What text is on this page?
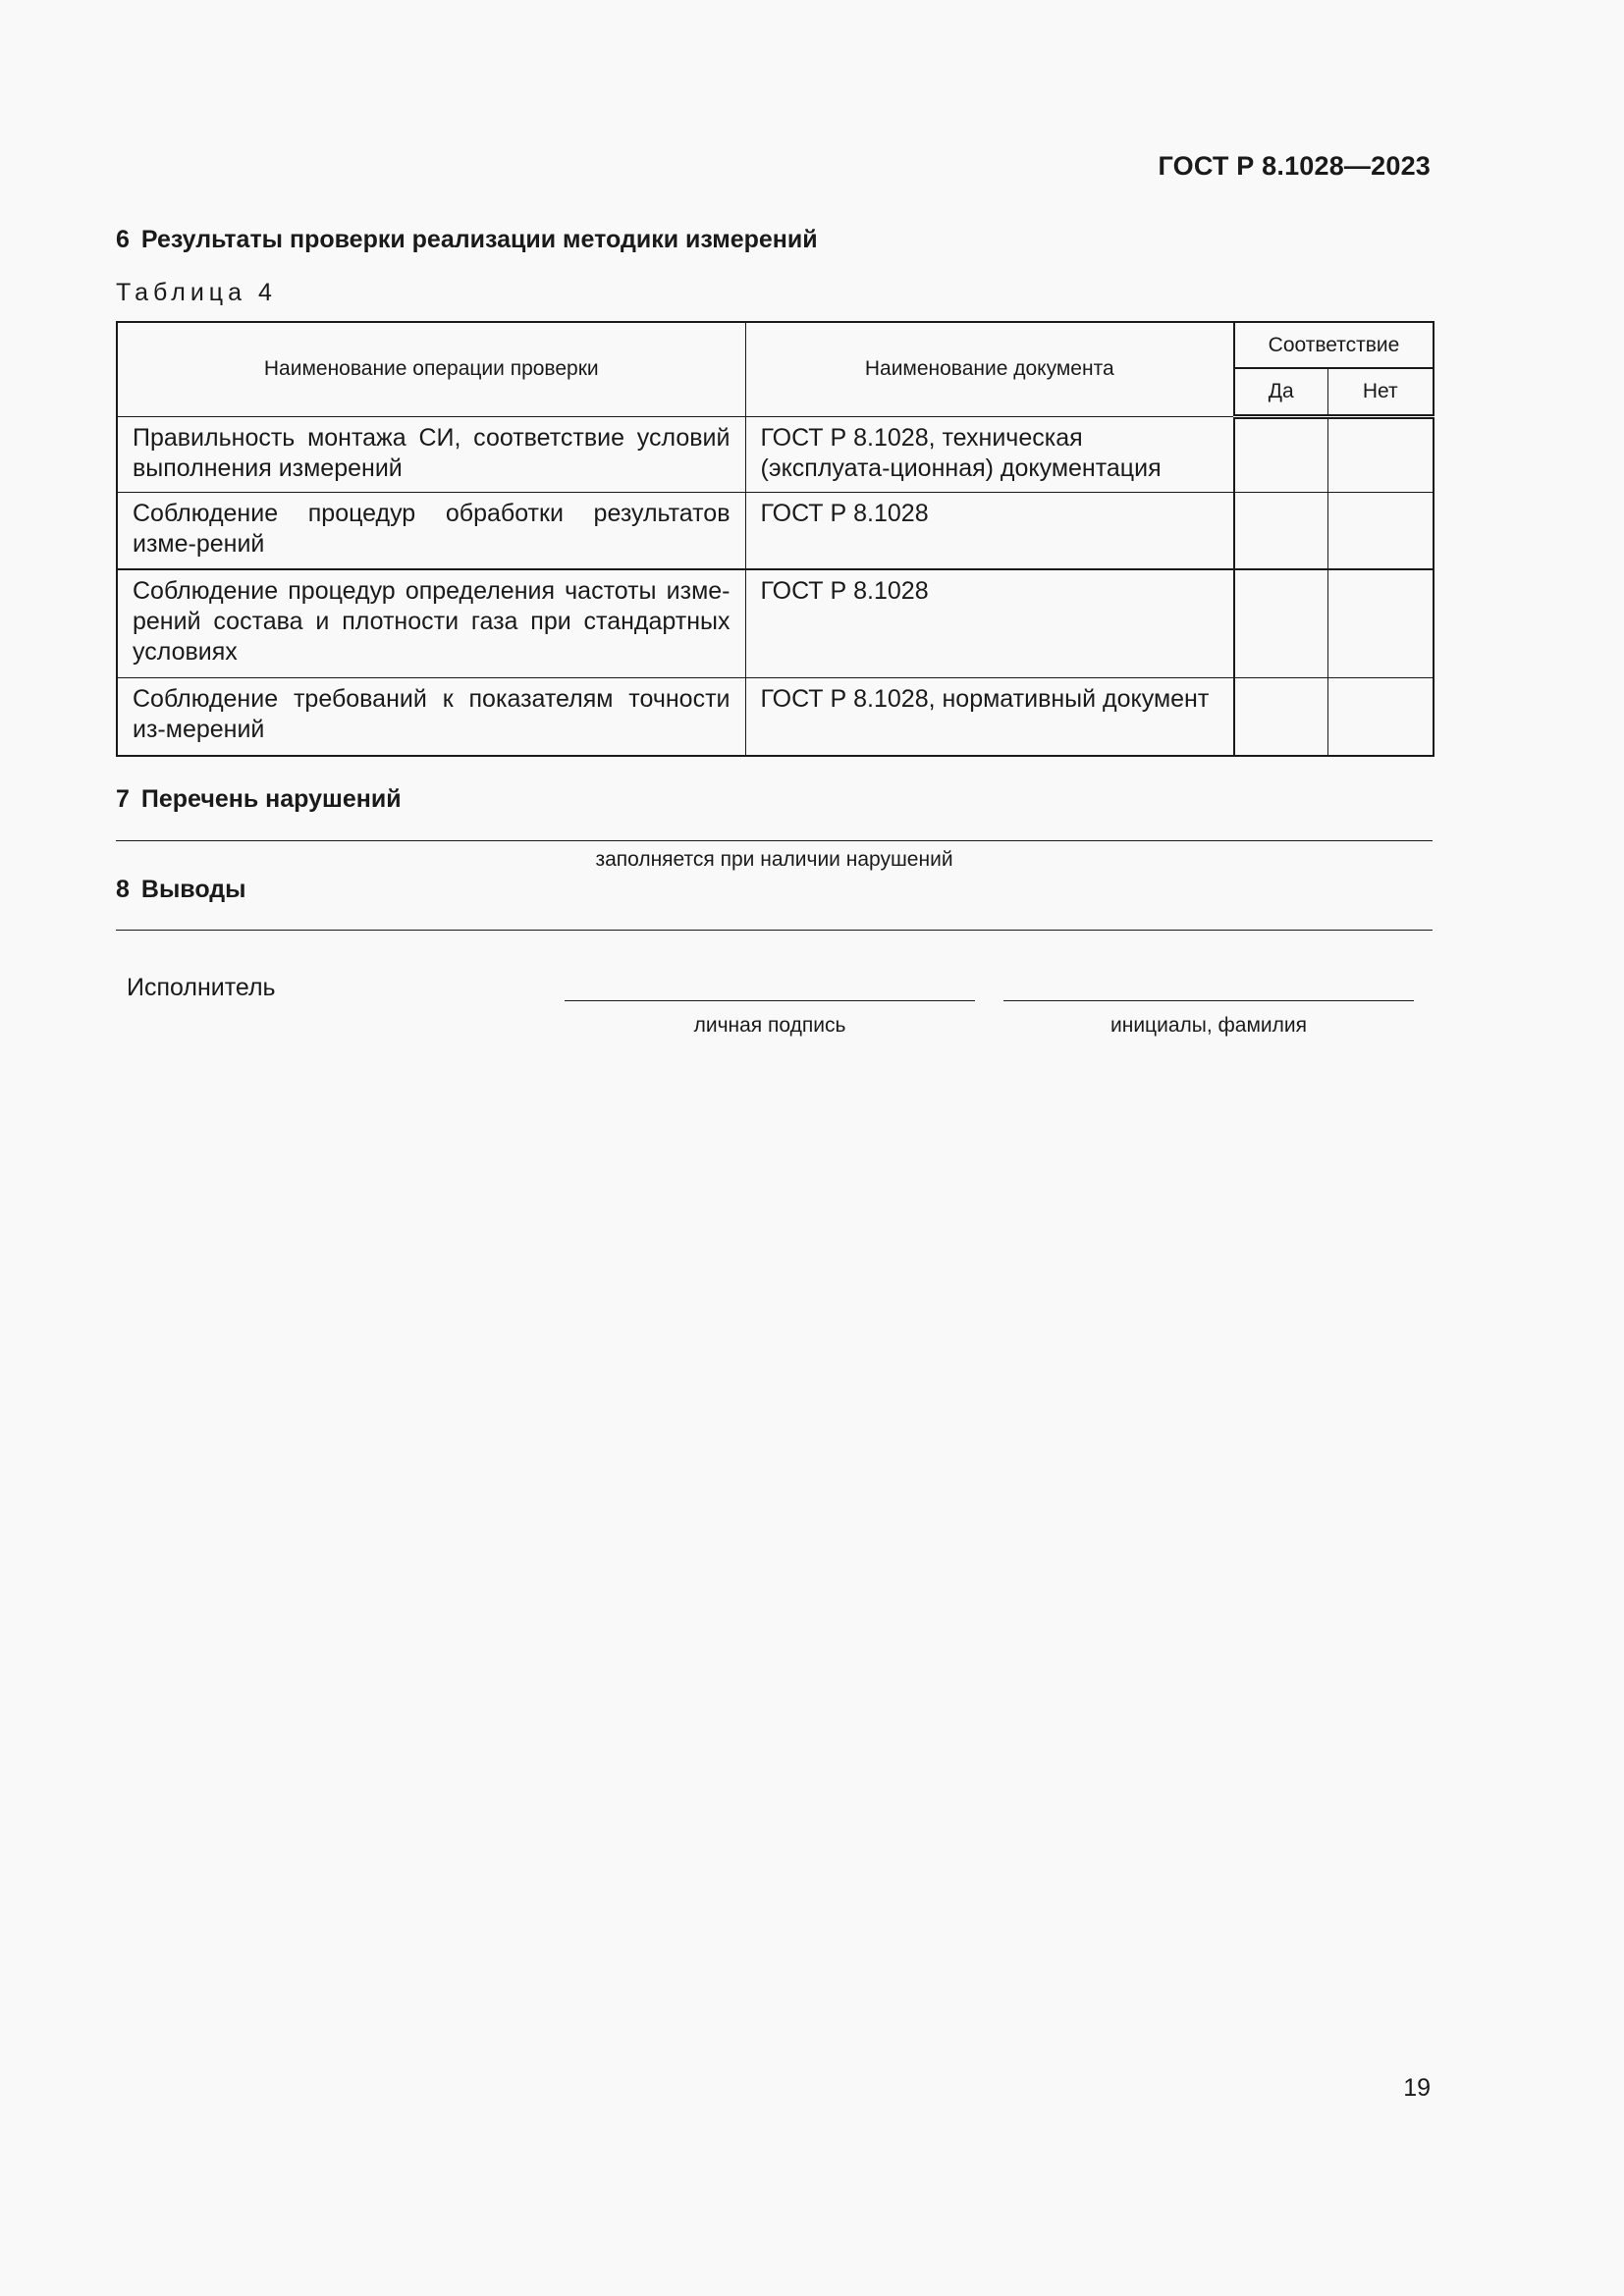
ГОСТ Р 8.1028—2023
6 Результаты проверки реализации методики измерений
Таблица 4
Наименование операции проверки	Наименование документа	Соответствие	
		Да	Нет
Правильность монтажа СИ, соответствие условий выполнения измерений	ГОСТ Р 8.1028, техническая (эксплуата-ционная) документация		
Соблюдение процедур обработки результатов изме-рений	ГОСТ Р 8.1028		
Соблюдение процедур определения частоты изме-рений состава и плотности газа при стандартных условиях	ГОСТ Р 8.1028		
Соблюдение требований к показателям точности из-мерений	ГОСТ Р 8.1028, нормативный документ		
7 Перечень нарушений
заполняется при наличии нарушений
8 Выводы
Исполнитель
личная подпись	инициалы, фамилия
19
